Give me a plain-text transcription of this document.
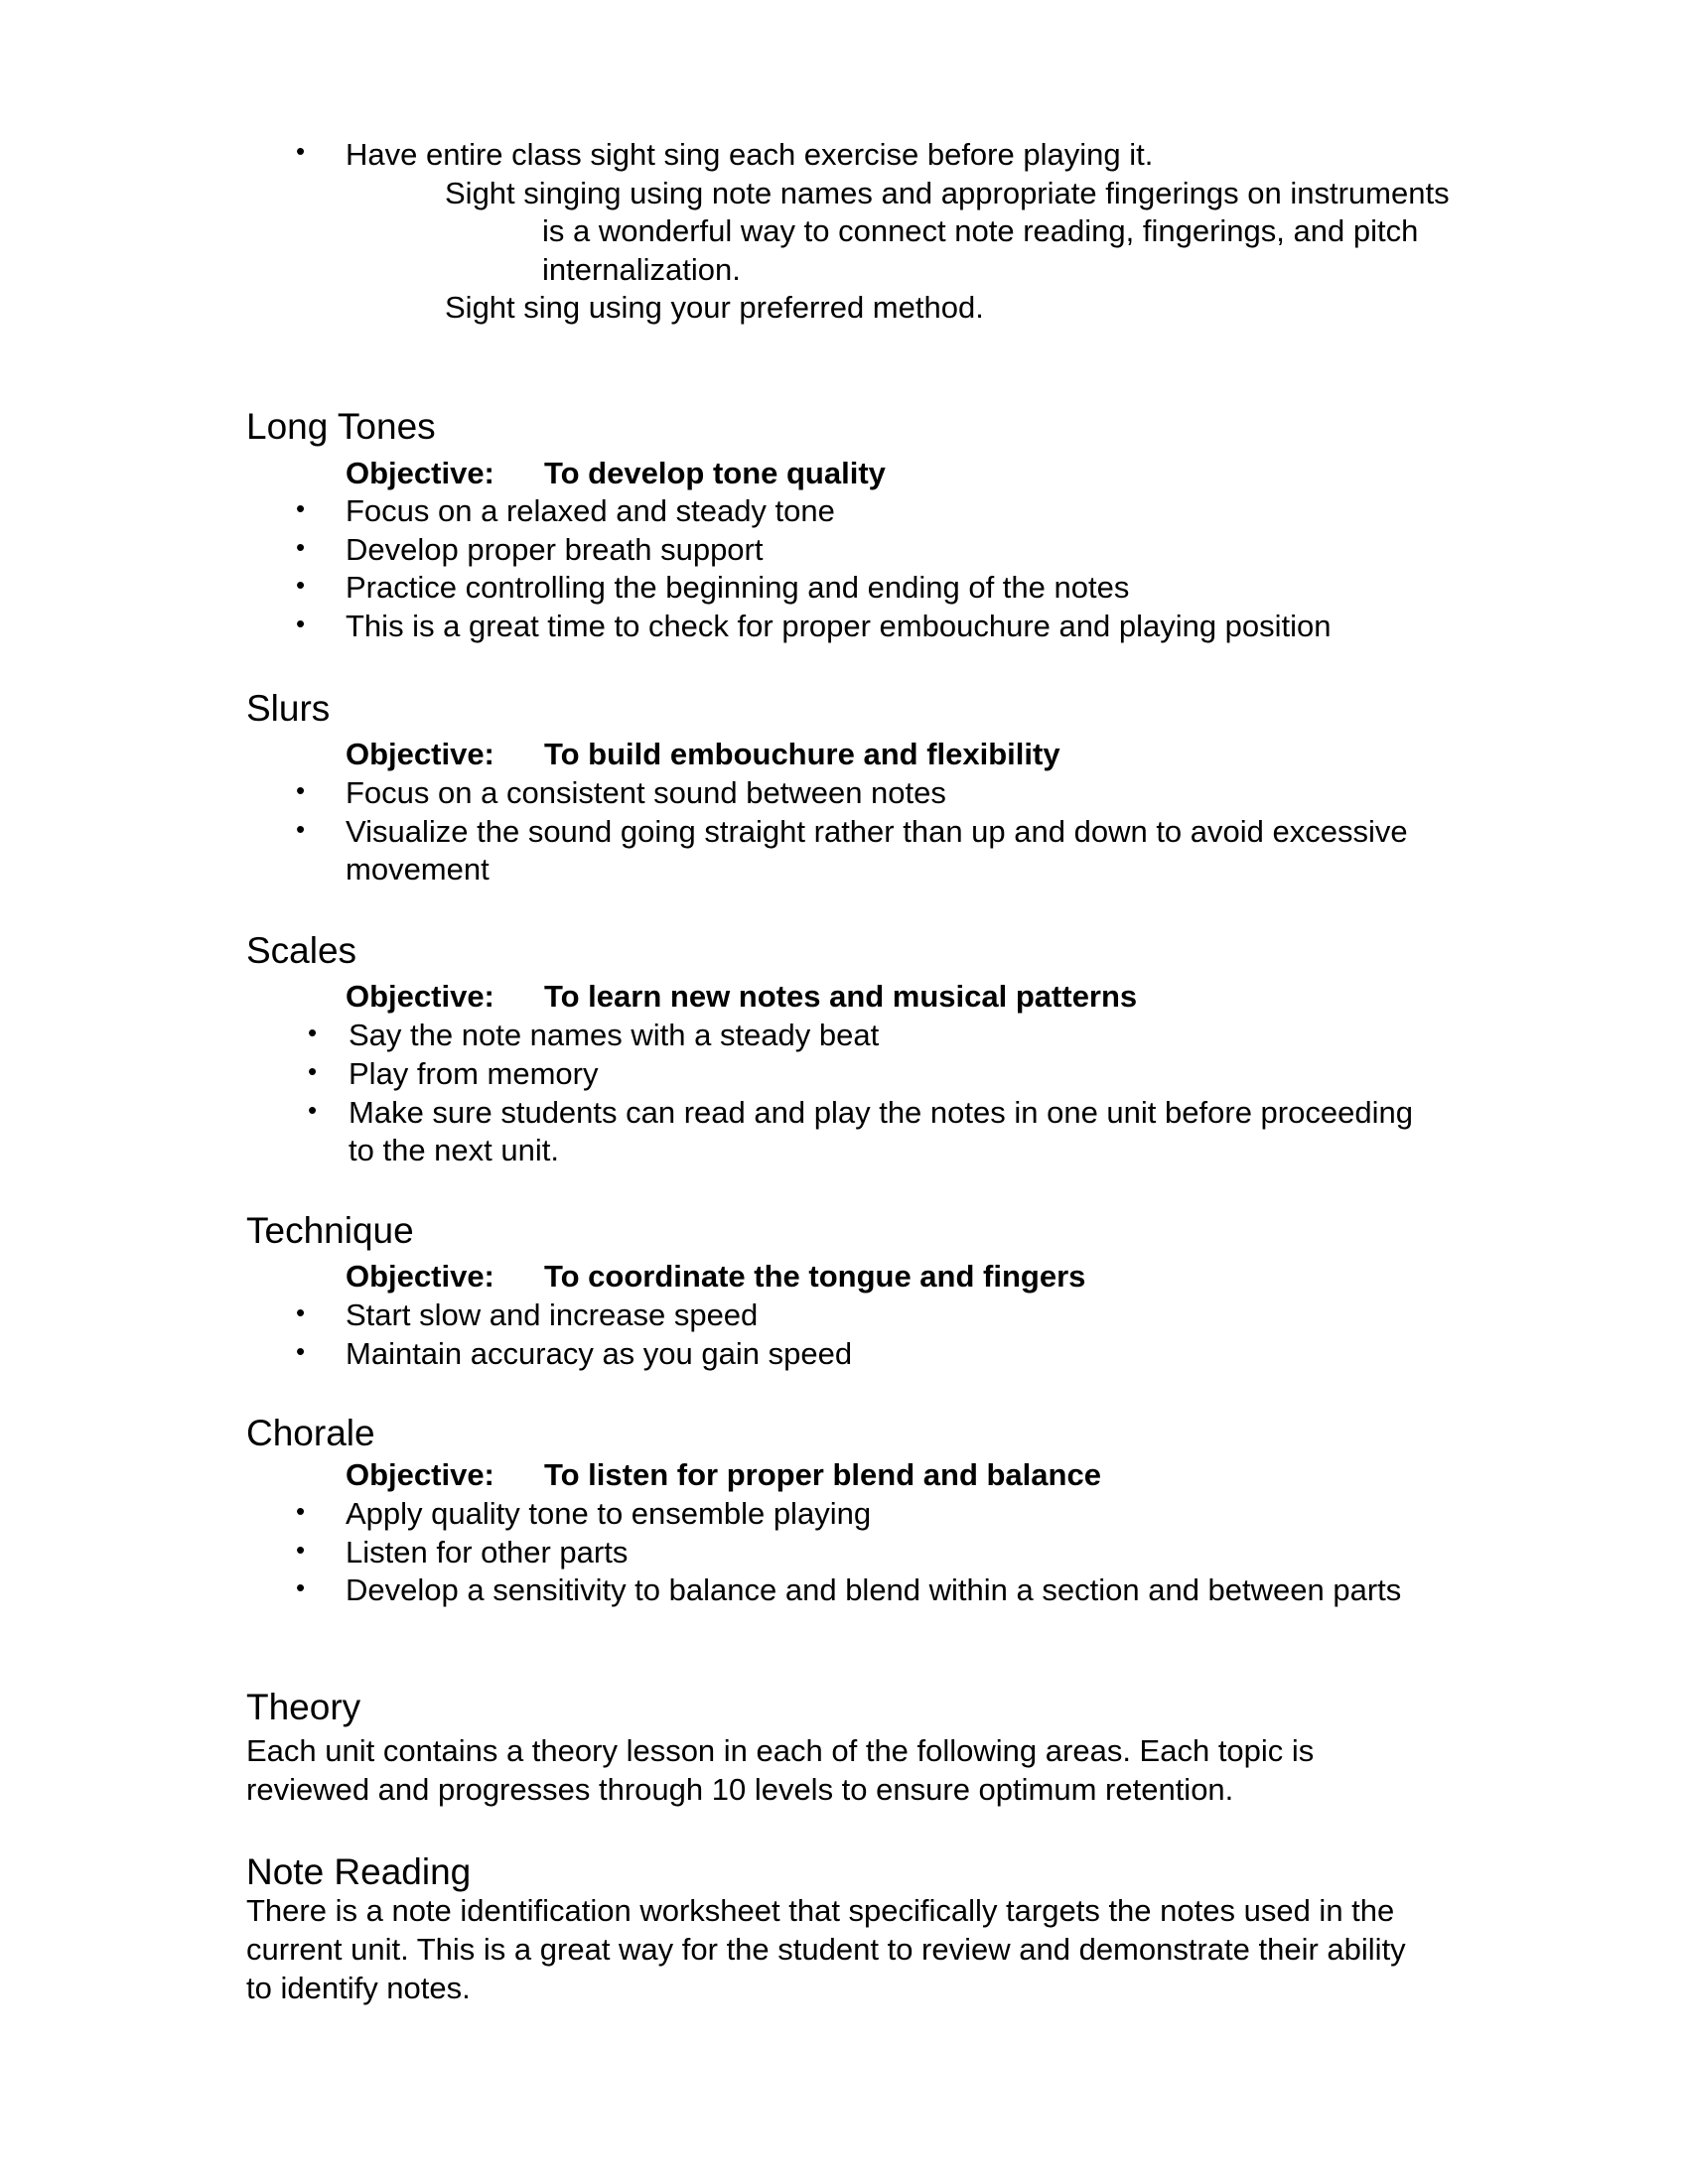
• Have entire class sight sing each exercise before playing it.
Sight singing using note names and appropriate fingerings on instruments
is a wonderful way to connect note reading, fingerings, and pitch
internalization.
Sight sing using your preferred method.
Long Tones
Objective: To develop tone quality
• Focus on a relaxed and steady tone
• Develop proper breath support
• Practice controlling the beginning and ending of the notes
• This is a great time to check for proper embouchure and playing position
Slurs
Objective: To build embouchure and flexibility
• Focus on a consistent sound between notes
• Visualize the sound going straight rather than up and down to avoid excessive
movement
Scales
Objective: To learn new notes and musical patterns
• Say the note names with a steady beat
• Play from memory
• Make sure students can read and play the notes in one unit before proceeding
to the next unit.
Technique
Objective: To coordinate the tongue and fingers
• Start slow and increase speed
• Maintain accuracy as you gain speed
Chorale
Objective: To listen for proper blend and balance
• Apply quality tone to ensemble playing
• Listen for other parts
• Develop a sensitivity to balance and blend within a section and between parts
Theory
Each unit contains a theory lesson in each of the following areas. Each topic is
reviewed and progresses through 10 levels to ensure optimum retention.
Note Reading
There is a note identification worksheet that specifically targets the notes used in the
current unit. This is a great way for the student to review and demonstrate their ability
to identify notes.
